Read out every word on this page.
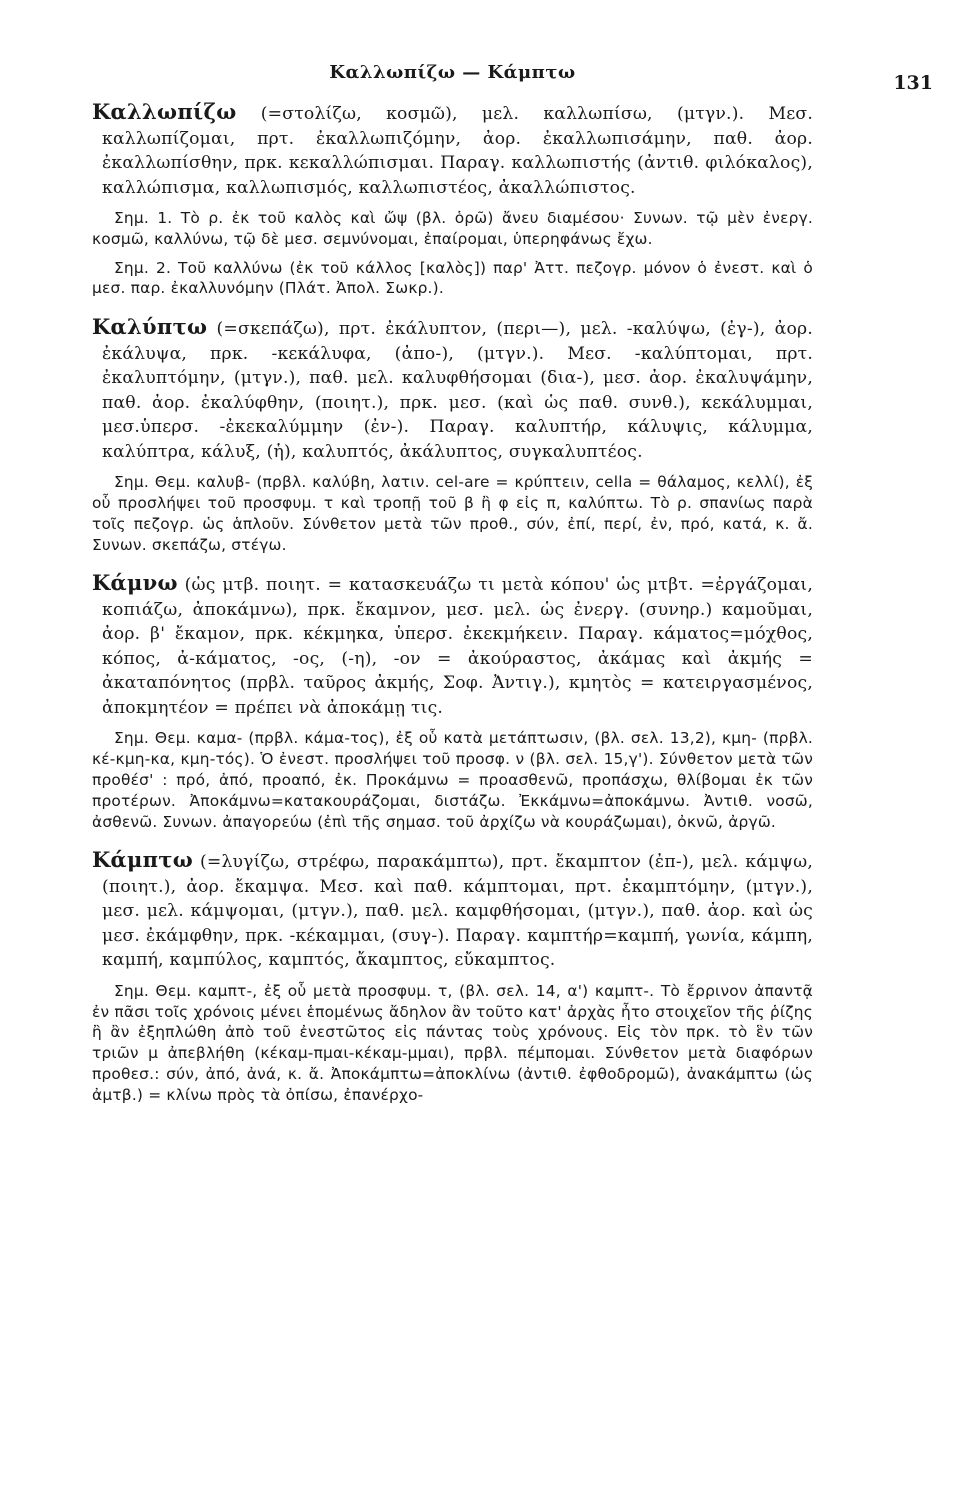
Καλλωπίζω — Κάμπτω	131

Καλλωπίζω (=στολίζω, κοσμῶ), μελ. καλλωπίσω, (μτγν.). Μεσ. καλλωπίζομαι, πρτ. ἐκαλλωπιζόμην, ἀορ. ἐκαλλωπισάμην, παθ. ἀορ. ἐκαλλωπίσθην, πρκ. κεκαλλώπισμαι. Παραγ. καλλωπιστής (ἀντιθ. φιλόκαλος), καλλώπισμα, καλλωπισμός, καλλωπιστέος, ἀκαλλώπιστος.

Σημ. 1. Τὸ ρ. ἐκ τοῦ καλὸς καὶ ὤψ (βλ. ὁρῶ) ἄνευ διαμέσου· Συνων. τῷ μὲν ἐνεργ. κοσμῶ, καλλύνω, τῷ δὲ μεσ. σεμνύνομαι, ἐπαίρομαι, ὑπερηφάνως ἔχω.

Σημ. 2. Τοῦ καλλύνω (ἐκ τοῦ κάλλος [καλὸς]) παρ' Ἀττ. πεζογρ. μόνον ὁ ἐνεστ. καὶ ὁ μεσ. παρ. ἐκαλλυνόμην (Πλάτ. Ἀπολ. Σωκρ.).

Καλύπτω (=σκεπάζω), πρτ. ἐκάλυπτον, (περι—), μελ. -καλύψω, (ἐγ-), ἀορ. ἐκάλυψα, πρκ. -κεκάλυφα, (ἀπο-), (μτγν.). Μεσ. -καλύπτομαι, πρτ. ἐκαλυπτόμην, (μτγν.), παθ. μελ. καλυφθήσομαι (δια-), μεσ. ἀορ. ἐκαλυψάμην, παθ. ἀορ. ἐκαλύφθην, (ποιητ.), πρκ. μεσ. (καὶ ὡς παθ. συνθ.), κεκάλυμμαι, μεσ.ὑπερσ. -ἐκεκαλύμμην (ἐν-). Παραγ. καλυπτήρ, κάλυψις, κάλυμμα, καλύπτρα, κάλυξ, (ἡ), καλυπτός, ἀκάλυπτος, συγκαλυπτέος.

Σημ. Θεμ. καλυβ- (πρβλ. καλύβη, λατιν. cel-are = κρύπτειν, cella = θάλαμος, κελλί), ἐξ οὗ προσλήψει τοῦ προσφυμ. τ καὶ τροπῇ τοῦ β ἢ φ εἰς π, καλύπτω. Τὸ ρ. σπανίως παρὰ τοῖς πεζογρ. ὡς ἁπλοῦν. Σύνθετον μετὰ τῶν προθ., σύν, ἐπί, περί, ἐν, πρό, κατά, κ. ἄ. Συνων. σκεπάζω, στέγω.

Κάμνω (ὡς μτβ. ποιητ. = κατασκευάζω τι μετὰ κόπου' ὡς μτβτ. =ἐργάζομαι, κοπιάζω, ἀποκάμνω), πρκ. ἔκαμνον, μεσ. μελ. ὡς ἐνεργ. (συνηρ.) καμοῦμαι, ἀορ. β' ἔκαμον, πρκ. κέκμηκα, ὑπερσ. ἐκεκμήκειν. Παραγ. κάματος=μόχθος, κόπος, ἀ-κάματος, -ος, (-η), -ον = ἀκούραστος, ἀκάμας καὶ ἀκμής = ἀκαταπόνητος (πρβλ. ταῦρος ἀκμής, Σοφ. Ἀντιγ.), κμητὸς = κατειργασμένος, ἀποκμητέον = πρέπει νὰ ἀποκάμῃ τις.

Σημ. Θεμ. καμα- (πρβλ. κάμα-τος), ἐξ οὗ κατὰ μετάπτωσιν, (βλ. σελ. 13,2), κμη- (πρβλ. κέ-κμη-κα, κμη-τός). Ὁ ἐνεστ. προσλήψει τοῦ προσφ. ν (βλ. σελ. 15,γ'). Σύνθετον μετὰ τῶν προθέσ' : πρό, ἀπό, προαπό, ἐκ. Προκάμνω = προασθενῶ, προπάσχω, θλίβομαι ἐκ τῶν προτέρων. Ἀποκάμνω=κατακουράζομαι, διστάζω. Ἐκκάμνω=ἀποκάμνω. Ἀντιθ. νοσῶ, ἀσθενῶ. Συνων. ἀπαγορεύω (ἐπὶ τῆς σημασ. τοῦ ἀρχίζω νὰ κουράζωμαι), ὀκνῶ, ἀργῶ.

Κάμπτω (=λυγίζω, στρέφω, παρακάμπτω), πρτ. ἔκαμπτον (ἐπ-), μελ. κάμψω, (ποιητ.), ἀορ. ἔκαμψα. Μεσ. καὶ παθ. κάμπτομαι, πρτ. ἐκαμπτόμην, (μτγν.), μεσ. μελ. κάμψομαι, (μτγν.), παθ. μελ. καμφθήσομαι, (μτγν.), παθ. ἀορ. καὶ ὡς μεσ. ἐκάμφθην, πρκ. -κέκαμμαι, (συγ-). Παραγ. καμπτήρ=καμπή, γωνία, κάμπη, καμπή, καμπύλος, καμπτός, ἄκαμπτος, εὔκαμπτος.

Σημ. Θεμ. καμπτ-, ἐξ οὗ μετὰ προσφυμ. τ, (βλ. σελ. 14, α') καμπτ-. Τὸ ἔρρινον ἀπαντᾷ ἐν πᾶσι τοῖς χρόνοις μένει ἑπομένως ἄδηλον ἂν τοῦτο κατ' ἀρχὰς ἦτο στοιχεῖον τῆς ῥίζης ἢ ἂν ἐξηπλώθη ἀπὸ τοῦ ἐνεστῶτος εἰς πάντας τοὺς χρόνους. Εἰς τὸν πρκ. τὸ ἓν τῶν τριῶν μ ἀπεβλήθη (κέκαμ-πμαι-κέκαμ-μμαι), πρβλ. πέμπομαι. Σύνθετον μετὰ διαφόρων προθεσ.: σύν, ἀπό, ἀνά, κ. ἄ. Ἀποκάμπτω=ἀποκλίνω (ἀντιθ. ἐφθοδρομῶ), ἀνακάμπτω (ὡς ἀμτβ.) = κλίνω πρὸς τὰ ὀπίσω, ἐπανέρχο-
